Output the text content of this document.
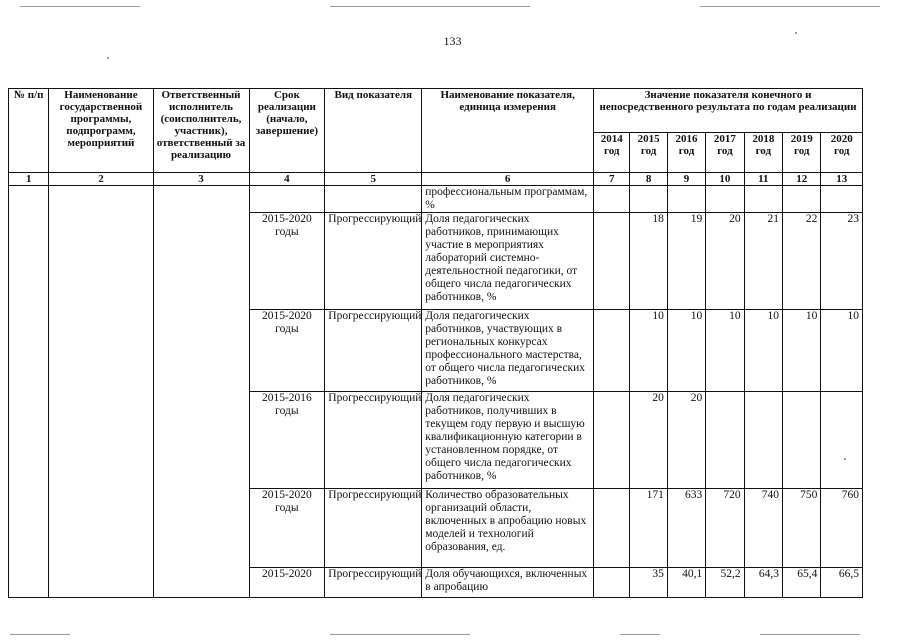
133
№ п/п	Наименование государственной программы, подпрограмм, мероприятий	Ответственный исполнитель (соисполнитель, участник), ответственный за реализацию	Срок реализации (начало, завершение)	Вид показателя	Наименование показателя, единица измерения	Значение показателя конечного и непосредственного результата по годам реализации						
						2014 год	2015 год	2016 год	2017 год	2018 год	2019 год	2020 год
1	2	3	4	5	6	7	8	9	10	11	12	13
					профессиональным программам, %							
			2015-2020 годы	Прогрессирующий	Доля педагогических работников, принимающих участие в мероприятиях лабораторий системно-деятельностной педагогики, от общего числа педагогических работников, %		18	19	20	21	22	23
			2015-2020 годы	Прогрессирующий	Доля педагогических работников, участвующих в региональных конкурсах профессионального мастерства, от общего числа педагогических работников, %		10	10	10	10	10	10
			2015-2016 годы	Прогрессирующий	Доля педагогических работников, получивших в текущем году первую и высшую квалификационную категории в установленном порядке, от общего числа педагогических работников, %		20	20				
			2015-2020 годы	Прогрессирующий	Количество образовательных организаций области, включенных в апробацию новых моделей и технологий образования, ед.		171	633	720	740	750	760
			2015-2020	Прогрессирующий	Доля обучающихся, включенных в апробацию		35	40,1	52,2	64,3	65,4	66,5
